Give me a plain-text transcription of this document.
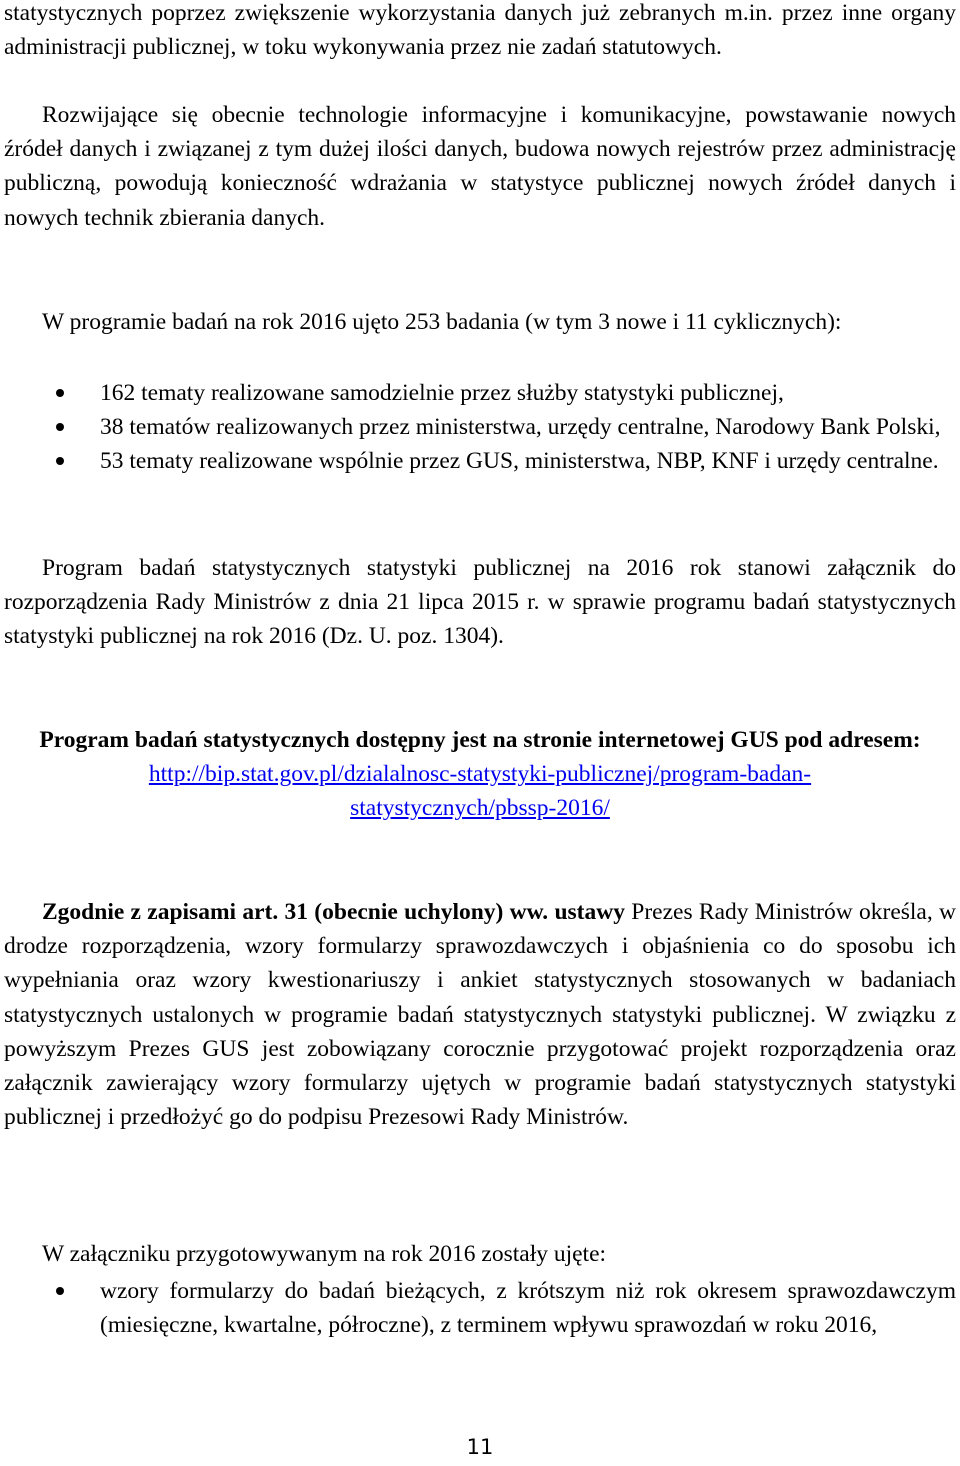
statystycznych poprzez zwiększenie wykorzystania danych już zebranych m.in. przez inne organy administracji publicznej, w toku wykonywania przez nie zadań statutowych.

Rozwijające się obecnie technologie informacyjne i komunikacyjne, powstawanie nowych źródeł danych i związanej z tym dużej ilości danych, budowa nowych rejestrów przez administrację publiczną, powodują konieczność wdrażania w statystyce publicznej nowych źródeł danych i nowych technik zbierania danych.

W programie badań na rok 2016 ujęto 253 badania (w tym 3 nowe i 11 cyklicznych):

162 tematy realizowane samodzielnie przez służby statystyki publicznej,
38 tematów realizowanych przez ministerstwa, urzędy centralne, Narodowy Bank Polski,
53 tematy realizowane wspólnie przez GUS, ministerstwa, NBP, KNF i urzędy centralne.

Program badań statystycznych statystyki publicznej na 2016 rok stanowi załącznik do rozporządzenia Rady Ministrów z dnia 21 lipca 2015 r. w sprawie programu badań statystycznych statystyki publicznej na rok 2016 (Dz. U. poz. 1304).

Program badań statystycznych dostępny jest na stronie internetowej GUS pod adresem:
http://bip.stat.gov.pl/dzialalnosc-statystyki-publicznej/program-badan-
statystycznych/pbssp-2016/

Zgodnie z zapisami art. 31 (obecnie uchylony) ww. ustawy Prezes Rady Ministrów określa, w drodze rozporządzenia, wzory formularzy sprawozdawczych i objaśnienia co do sposobu ich wypełniania oraz wzory kwestionariuszy i ankiet statystycznych stosowanych w badaniach statystycznych ustalonych w programie badań statystycznych statystyki publicznej. W związku z powyższym Prezes GUS jest zobowiązany corocznie przygotować projekt rozporządzenia oraz załącznik zawierający wzory formularzy ujętych w programie badań statystycznych statystyki publicznej i przedłożyć go do podpisu Prezesowi Rady Ministrów.

W załączniku przygotowywanym na rok 2016 zostały ujęte:

wzory formularzy do badań bieżących, z krótszym niż rok okresem sprawozdawczym (miesięczne, kwartalne, półroczne), z terminem wpływu sprawozdań w roku 2016,
11
